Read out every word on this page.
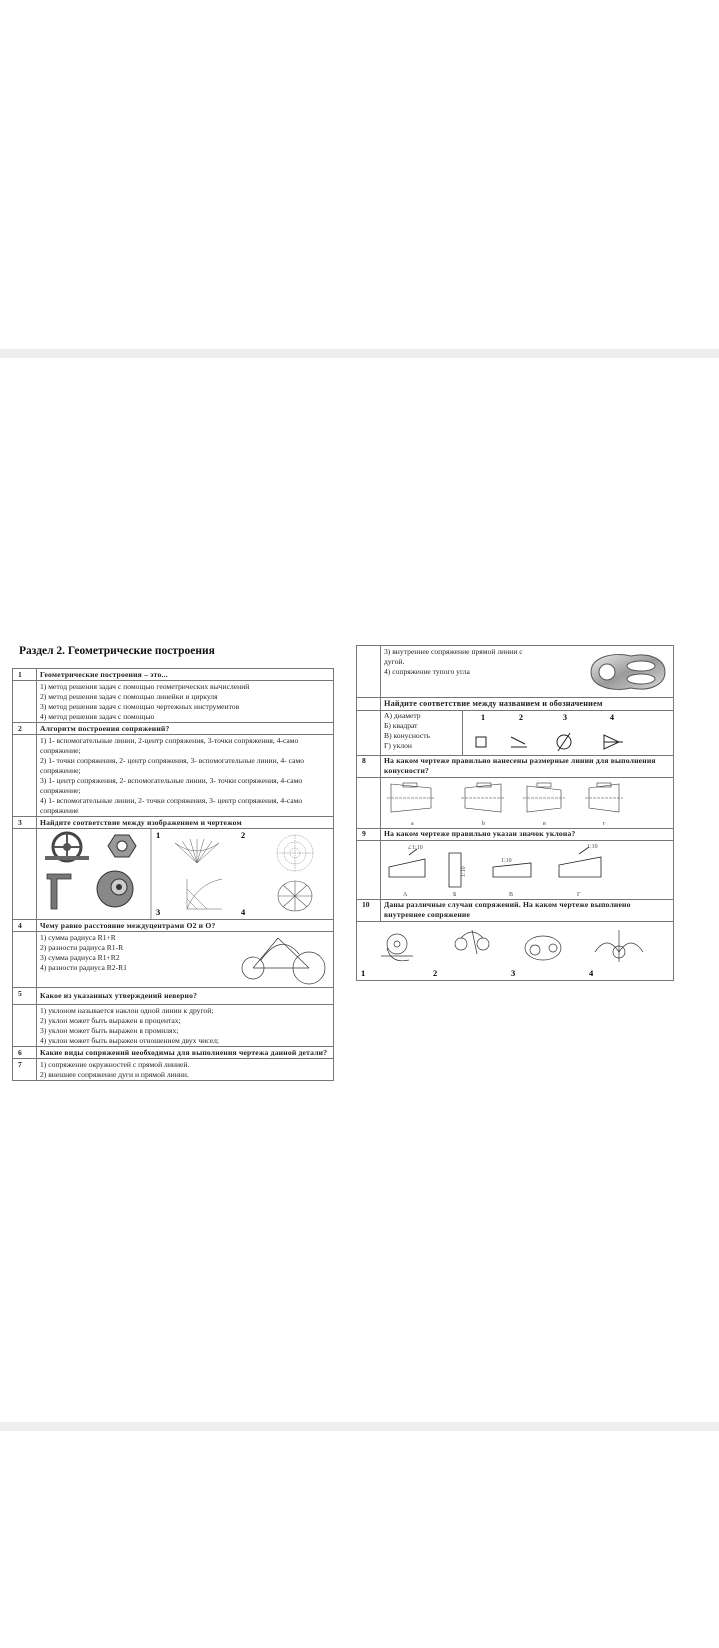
Раздел 2. Геометрические построения
1	Геометрические построения – это...

	1) метод решения задач с помощью геометрических вычислений
2) метод решения задач с помощью линейки и циркуля
3) метод решения задач с помощью чертежных инструментов
4) метод решения задач с помощью

2	Алгоритм построения сопряжений?

	1) 1- вспомогательные линии, 2-центр сопряжения, 3-точки сопряжения, 4-само сопряжение;
2) 1- точки сопряжения, 2- центр сопряжения, 3- вспомогательные линии, 4- само сопряжение;
3) 1- центр сопряжения, 2- вспомогательные линии, 3- точки сопряжения, 4-само сопряжение;
4) 1- вспомогательные линии, 2- точки сопряжения, 3- центр сопряжения, 4-само сопряжение

3	Найдите соответствие между изображением и чертежом

1 2
3 4

4	Чему равно расстояние междуцентрами О2 и О?

	1) сумма радиуса R1+R
2) разности радиуса R1-R
3) сумма радиуса R1+R2
4) разности радиуса R2-R1

5	Какое из указанных утверждений неверно?

	1) уклоном называется наклон одной линии к другой;
2) уклон может быть выражен в процентах;
3) уклон может быть выражен в промилях;
4) уклон может быть выражен отношением двух чисел;

6	Какие виды сопряжений необходимы для выполнения чертежа данной детали?
7	1) сопряжение окружностей с прямой линией.
2) внешнее сопряжение дуги и прямой линии.

3) внутреннее сопряжение прямой линии с
дугой.
4) сопряжение тупого угла

	Найдите соответствие между названием и обозначением

А) диаметр
Б) квадрат
В) конусность
Г) уклон

1	2	3	4

8	На каком чертеже правильно нанесены размерные линии для выполнения конусности?

а	b	в	г

9	На каком чертеже правильно указан значок уклона?

∠1:10
1:10
1:10
1:10
А	Б	В	Г

10	Даны различные случаи сопряжений. На каком чертеже выполнено внутреннее сопряжение

1	2	3	4
